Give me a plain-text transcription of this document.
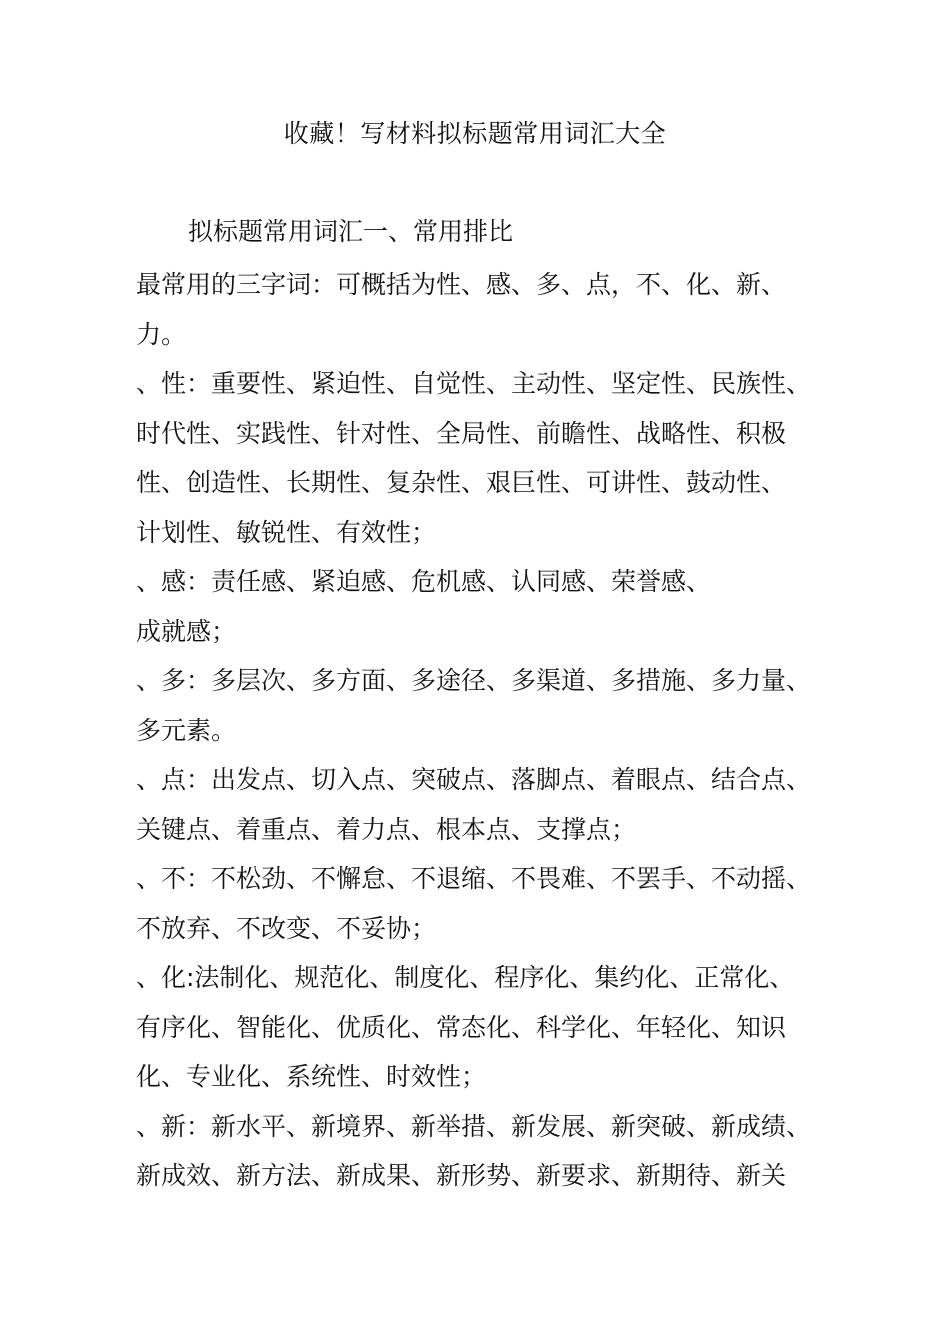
收藏！写材料拟标题常用词汇大全
拟标题常用词汇一、常用排比
最常用的三字词：可概括为性、感、多、点，不、化、新、
力。
、性：重要性、紧迫性、自觉性、主动性、坚定性、民族性、
时代性、实践性、针对性、全局性、前瞻性、战略性、积极
性、创造性、长期性、复杂性、艰巨性、可讲性、鼓动性、
计划性、敏锐性、有效性；
、感：责任感、紧迫感、危机感、认同感、荣誉感、
成就感；
、多：多层次、多方面、多途径、多渠道、多措施、多力量、
多元素。
、点：出发点、切入点、突破点、落脚点、着眼点、结合点、
关键点、着重点、着力点、根本点、支撑点；
、不：不松劲、不懈怠、不退缩、不畏难、不罢手、不动摇、
不放弃、不改变、不妥协；
、化:法制化、规范化、制度化、程序化、集约化、正常化、
有序化、智能化、优质化、常态化、科学化、年轻化、知识
化、专业化、系统性、时效性；
、新：新水平、新境界、新举措、新发展、新突破、新成绩、
新成效、新方法、新成果、新形势、新要求、新期待、新关
